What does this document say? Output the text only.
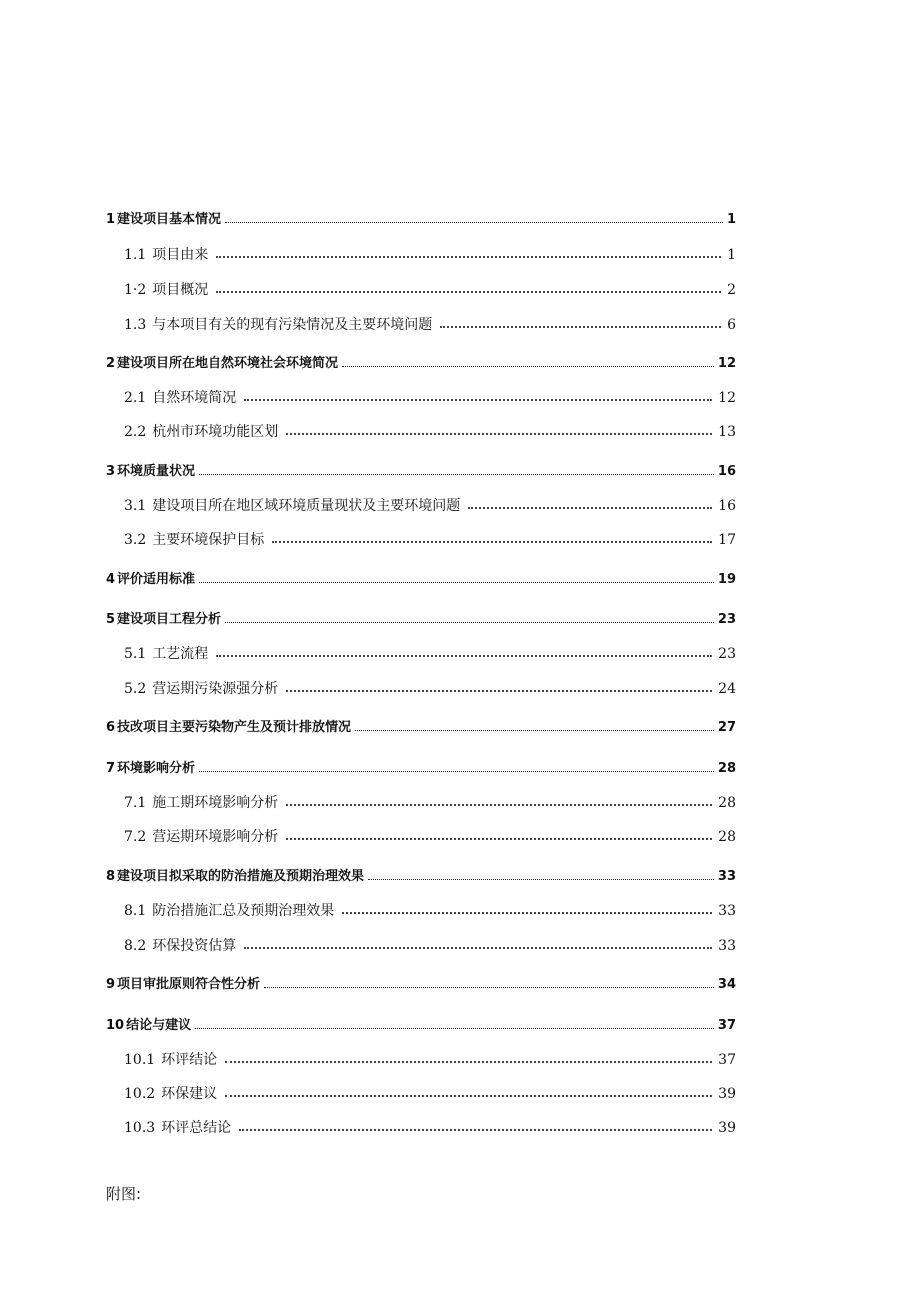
1 建设项目基本情况	1
1.1 项目由来	1
1·2 项目概况	2
1.3 与本项目有关的现有污染情况及主要环境问题	6
2 建设项目所在地自然环境社会环境简况	12
2.1 自然环境简况	12
2.2 杭州市环境功能区划	13
3 环境质量状况	16
3.1 建设项目所在地区域环境质量现状及主要环境问题	16
3.2 主要环境保护目标	17
4 评价适用标准	19
5 建设项目工程分析	23
5.1 工艺流程	23
5.2 营运期污染源强分析	24
6 技改项目主要污染物产生及预计排放情况	27
7 环境影响分析	28
7.1 施工期环境影响分析	28
7.2 营运期环境影响分析	28
8 建设项目拟采取的防治措施及预期治理效果	33
8.1 防治措施汇总及预期治理效果	33
8.2 环保投资估算	33
9 项目审批原则符合性分析	34
10 结论与建议	37
10.1 环评结论	37
10.2 环保建议	39
10.3 环评总结论	39
附图:
